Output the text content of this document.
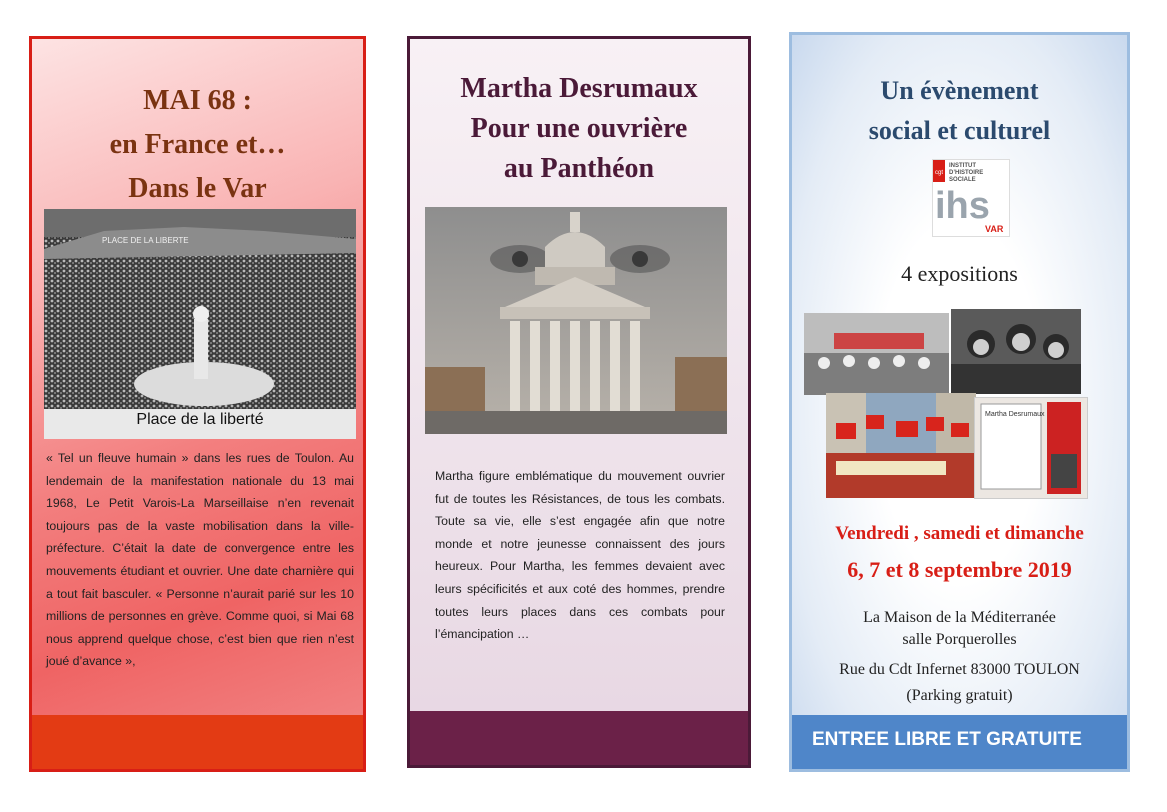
MAI 68 :
en France et…
Dans le Var
PLACE DE LA LIBERTE
Place de la liberté
« Tel un fleuve humain » dans les rues de Toulon. Au lendemain de la manifestation nationale du 13 mai 1968, Le Petit Varois-La Marseillaise n’en revenait toujours pas de la vaste mobilisation dans la ville-préfecture. C’était la date de convergence entre les mouvements étudiant et ouvrier. Une date charnière qui a tout fait basculer. « Personne n’aurait parié sur les 10 millions de personnes en grève. Comme quoi, si Mai 68 nous apprend quelque chose, c’est bien que rien n’est joué d’avance »,
Martha Desrumaux
Pour une ouvrière
au Panthéon
Martha figure emblématique du mouvement ouvrier fut de toutes les Résistances, de tous les combats. Toute sa vie, elle s’est engagée afin que notre monde et notre jeunesse connaissent des jours heureux. Pour Martha, les femmes devaient avec leurs spécificités et aux coté des hommes, prendre toutes leurs places dans ces combats pour l’émancipation …
Un évènement
social et culturel
cgt
INSTITUT
D’HISTOIRE
SOCIALE
ihs
VAR
4 expositions
Martha Desrumaux
Vendredi , samedi et dimanche
6, 7 et 8 septembre 2019
La Maison de la Méditerranée
salle Porquerolles
Rue du Cdt Infernet 83000 TOULON
(Parking gratuit)
ENTREE LIBRE ET GRATUITE
